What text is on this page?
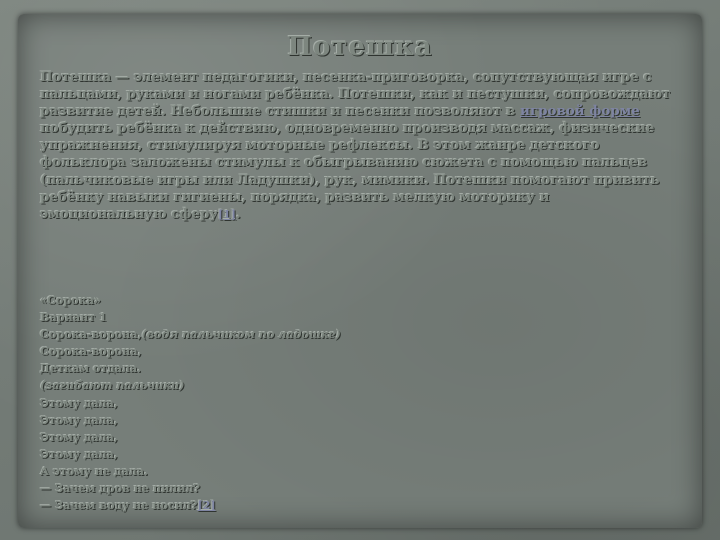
Потешка
Потешка — элемент педагогики, песенка-приговорка, сопутствующая игре с пальцами, руками и ногами ребёнка. Потешки, как и пестушки, сопровождают развитие детей. Небольшие стишки и песенки позволяют в игровой форме побудить ребёнка к действию, одновременно производя массаж, физические упражнения, стимулируя моторные рефлексы. В этом жанре детского фольклора заложены стимулы к обыгрыванию сюжета с помощью пальцев (пальчиковые игры или Ладушки), рук, мимики. Потешки помогают привить ребёнку навыки гигиены, порядка, развить мелкую моторику и эмоциональную сферу[1].
«Сорока»
Вариант 1
Сорока-ворона,(водя пальчиком по ладошке)
Сорока-ворона,
Деткам отдала.
(загибают пальчики)
Этому дала,
Этому дала,
Этому дала,
Этому дала,
А этому не дала.
— Зачем дров не пилил?
— Зачем воду не носил?[2]
